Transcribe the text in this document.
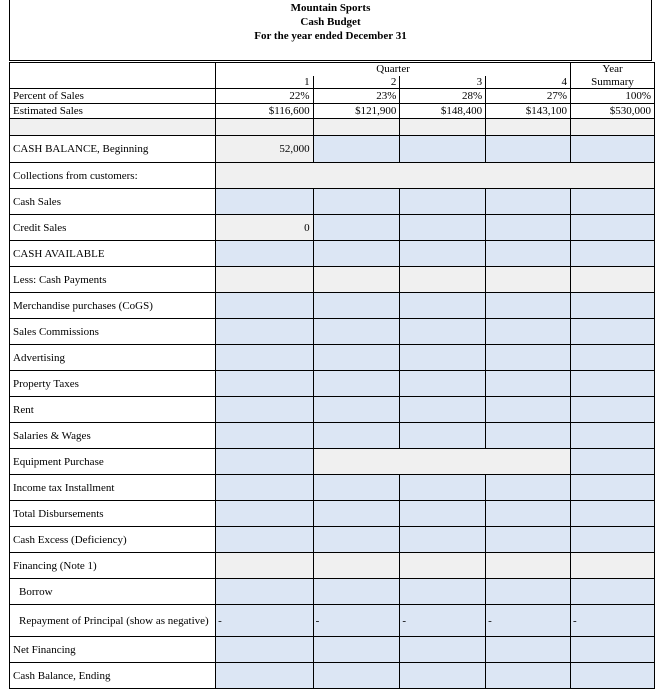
Mountain Sports
Cash Budget
For the year ended December 31
	Quarter				Year
	1	2	3	4	Summary
Percent of Sales	22%	23%	28%	27%	100%
Estimated Sales	$116,600	$121,900	$148,400	$143,100	$530,000

CASH BALANCE, Beginning	52,000				
Collections from customers:					
Cash Sales					
Credit Sales	0				
CASH AVAILABLE					
Less: Cash Payments					
Merchandise purchases (CoGS)					
Sales Commissions					
Advertising					
Property Taxes					
Rent					
Salaries & Wages					
Equipment Purchase					
Income tax Installment					
Total Disbursements					
Cash Excess (Deficiency)					
Financing (Note 1)					
Borrow					
Repayment of Principal (show as negative)	-	-	-	-	-
Net Financing					
Cash Balance, Ending					
